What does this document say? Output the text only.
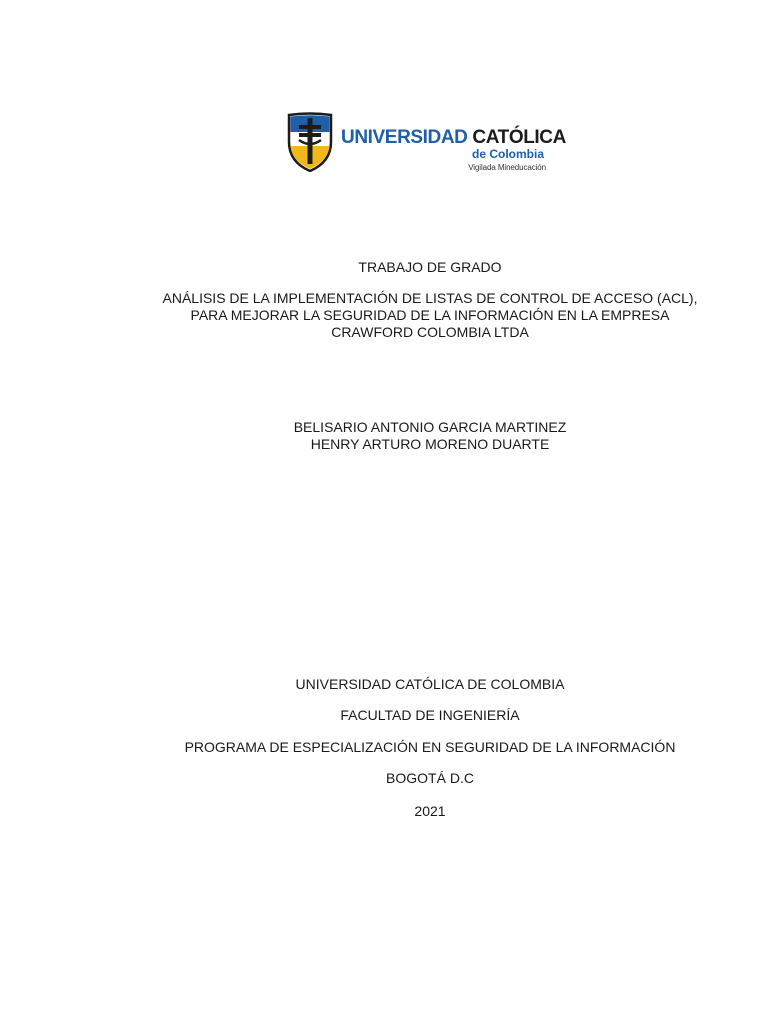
UNIVERSIDAD CATÓLICA
de Colombia
Vigilada Mineducación
TRABAJO DE GRADO
ANÁLISIS DE LA IMPLEMENTACIÓN DE LISTAS DE CONTROL DE ACCESO (ACL),
PARA MEJORAR LA SEGURIDAD DE LA INFORMACIÓN EN LA EMPRESA
CRAWFORD COLOMBIA LTDA
BELISARIO ANTONIO GARCIA MARTINEZ
HENRY ARTURO MORENO DUARTE
UNIVERSIDAD CATÓLICA DE COLOMBIA
FACULTAD DE INGENIERÍA
PROGRAMA DE ESPECIALIZACIÓN EN SEGURIDAD DE LA INFORMACIÓN
BOGOTÁ D.C
2021
